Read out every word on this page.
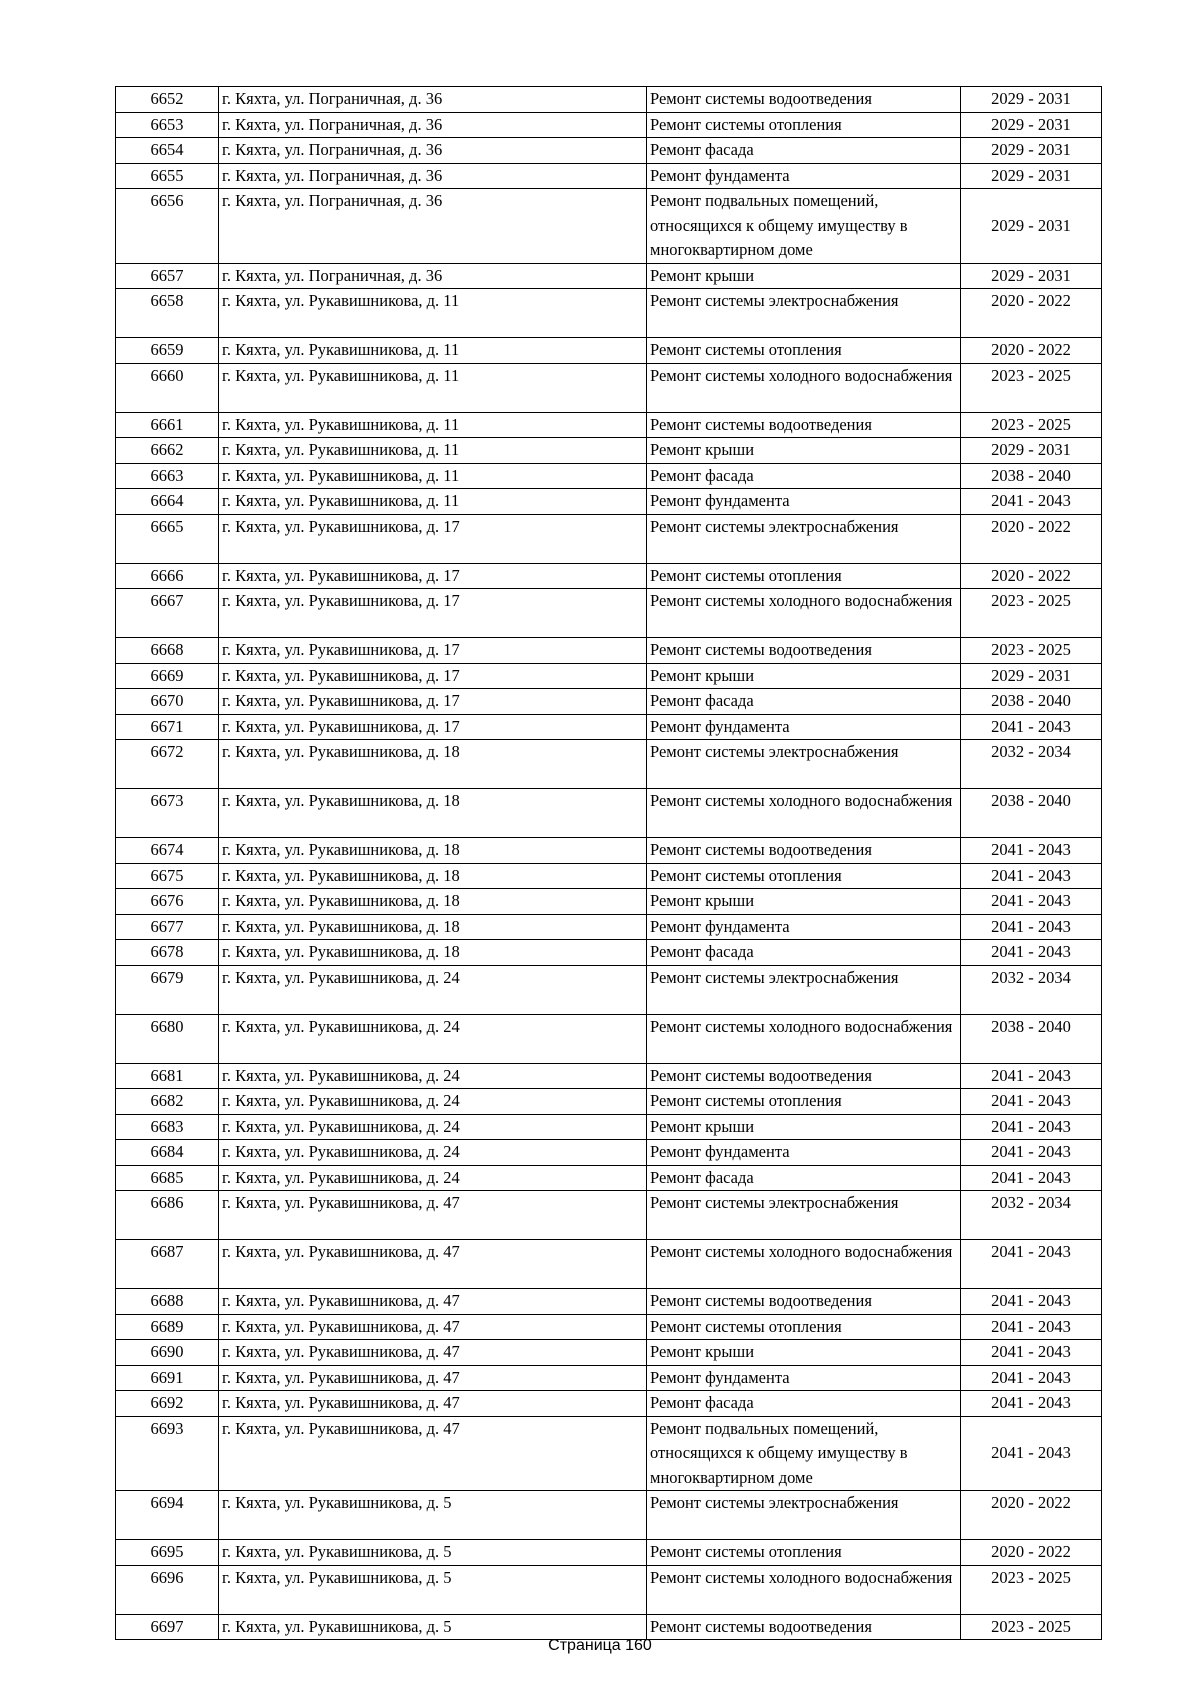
6652	г. Кяхта, ул. Пограничная, д. 36	Ремонт системы водоотведения	2029 - 2031
6653	г. Кяхта, ул. Пограничная, д. 36	Ремонт системы отопления	2029 - 2031
6654	г. Кяхта, ул. Пограничная, д. 36	Ремонт фасада	2029 - 2031
6655	г. Кяхта, ул. Пограничная, д. 36	Ремонт фундамента	2029 - 2031
6656	г. Кяхта, ул. Пограничная, д. 36	Ремонт подвальных помещений, относящихся к общему имуществу в многоквартирном доме	2029 - 2031
6657	г. Кяхта, ул. Пограничная, д. 36	Ремонт крыши	2029 - 2031
6658	г. Кяхта, ул. Рукавишникова, д. 11	Ремонт системы электроснабжения	2020 - 2022
6659	г. Кяхта, ул. Рукавишникова, д. 11	Ремонт системы отопления	2020 - 2022
6660	г. Кяхта, ул. Рукавишникова, д. 11	Ремонт системы холодного водоснабжения	2023 - 2025
6661	г. Кяхта, ул. Рукавишникова, д. 11	Ремонт системы водоотведения	2023 - 2025
6662	г. Кяхта, ул. Рукавишникова, д. 11	Ремонт крыши	2029 - 2031
6663	г. Кяхта, ул. Рукавишникова, д. 11	Ремонт фасада	2038 - 2040
6664	г. Кяхта, ул. Рукавишникова, д. 11	Ремонт фундамента	2041 - 2043
6665	г. Кяхта, ул. Рукавишникова, д. 17	Ремонт системы электроснабжения	2020 - 2022
6666	г. Кяхта, ул. Рукавишникова, д. 17	Ремонт системы отопления	2020 - 2022
6667	г. Кяхта, ул. Рукавишникова, д. 17	Ремонт системы холодного водоснабжения	2023 - 2025
6668	г. Кяхта, ул. Рукавишникова, д. 17	Ремонт системы водоотведения	2023 - 2025
6669	г. Кяхта, ул. Рукавишникова, д. 17	Ремонт крыши	2029 - 2031
6670	г. Кяхта, ул. Рукавишникова, д. 17	Ремонт фасада	2038 - 2040
6671	г. Кяхта, ул. Рукавишникова, д. 17	Ремонт фундамента	2041 - 2043
6672	г. Кяхта, ул. Рукавишникова, д. 18	Ремонт системы электроснабжения	2032 - 2034
6673	г. Кяхта, ул. Рукавишникова, д. 18	Ремонт системы холодного водоснабжения	2038 - 2040
6674	г. Кяхта, ул. Рукавишникова, д. 18	Ремонт системы водоотведения	2041 - 2043
6675	г. Кяхта, ул. Рукавишникова, д. 18	Ремонт системы отопления	2041 - 2043
6676	г. Кяхта, ул. Рукавишникова, д. 18	Ремонт крыши	2041 - 2043
6677	г. Кяхта, ул. Рукавишникова, д. 18	Ремонт фундамента	2041 - 2043
6678	г. Кяхта, ул. Рукавишникова, д. 18	Ремонт фасада	2041 - 2043
6679	г. Кяхта, ул. Рукавишникова, д. 24	Ремонт системы электроснабжения	2032 - 2034
6680	г. Кяхта, ул. Рукавишникова, д. 24	Ремонт системы холодного водоснабжения	2038 - 2040
6681	г. Кяхта, ул. Рукавишникова, д. 24	Ремонт системы водоотведения	2041 - 2043
6682	г. Кяхта, ул. Рукавишникова, д. 24	Ремонт системы отопления	2041 - 2043
6683	г. Кяхта, ул. Рукавишникова, д. 24	Ремонт крыши	2041 - 2043
6684	г. Кяхта, ул. Рукавишникова, д. 24	Ремонт фундамента	2041 - 2043
6685	г. Кяхта, ул. Рукавишникова, д. 24	Ремонт фасада	2041 - 2043
6686	г. Кяхта, ул. Рукавишникова, д. 47	Ремонт системы электроснабжения	2032 - 2034
6687	г. Кяхта, ул. Рукавишникова, д. 47	Ремонт системы холодного водоснабжения	2041 - 2043
6688	г. Кяхта, ул. Рукавишникова, д. 47	Ремонт системы водоотведения	2041 - 2043
6689	г. Кяхта, ул. Рукавишникова, д. 47	Ремонт системы отопления	2041 - 2043
6690	г. Кяхта, ул. Рукавишникова, д. 47	Ремонт крыши	2041 - 2043
6691	г. Кяхта, ул. Рукавишникова, д. 47	Ремонт фундамента	2041 - 2043
6692	г. Кяхта, ул. Рукавишникова, д. 47	Ремонт фасада	2041 - 2043
6693	г. Кяхта, ул. Рукавишникова, д. 47	Ремонт подвальных помещений, относящихся к общему имуществу в многоквартирном доме	2041 - 2043
6694	г. Кяхта, ул. Рукавишникова, д. 5	Ремонт системы электроснабжения	2020 - 2022
6695	г. Кяхта, ул. Рукавишникова, д. 5	Ремонт системы отопления	2020 - 2022
6696	г. Кяхта, ул. Рукавишникова, д. 5	Ремонт системы холодного водоснабжения	2023 - 2025
6697	г. Кяхта, ул. Рукавишникова, д. 5	Ремонт системы водоотведения	2023 - 2025
Страница 160
